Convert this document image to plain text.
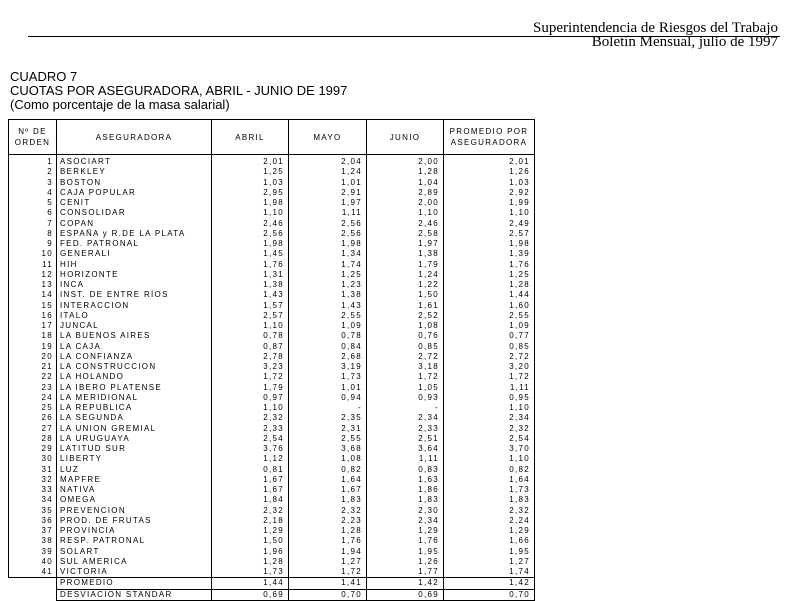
Superintendencia de Riesgos del Trabajo
Boletín Mensual, julio de 1997
CUADRO 7
CUOTAS POR ASEGURADORA, ABRIL - JUNIO DE 1997
(Como porcentaje de la masa salarial)
Nº DE ORDEN	ASEGURADORA	ABRIL	MAYO	JUNIO	PROMEDIO POR ASEGURADORA
1	ASOCIART	2,01	2,04	2,00	2,01
2	BERKLEY	1,25	1,24	1,28	1,26
3	BOSTON	1,03	1,01	1,04	1,03
4	CAJA POPULAR	2,95	2,91	2,89	2,92
5	CENIT	1,98	1,97	2,00	1,99
6	CONSOLIDAR	1,10	1,11	1,10	1,10
7	COPAN	2,46	2,56	2,46	2,49
8	ESPAÑA y R.DE LA PLATA	2,56	2,56	2,58	2,57
9	FED. PATRONAL	1,98	1,98	1,97	1,98
10	GENERALI	1,45	1,34	1,38	1,39
11	HIH	1,76	1,74	1,79	1,76
12	HORIZONTE	1,31	1,25	1,24	1,25
13	INCA	1,38	1,23	1,22	1,28
14	INST. DE ENTRE RÍOS	1,43	1,38	1,50	1,44
15	INTERACCION	1,57	1,43	1,61	1,60
16	ITALO	2,57	2,55	2,52	2,55
17	JUNCAL	1,10	1,09	1,08	1,09
18	LA BUENOS AIRES	0,78	0,78	0,76	0,77
19	LA CAJA	0,87	0,84	0,85	0,85
20	LA CONFIANZA	2,78	2,68	2,72	2,72
21	LA CONSTRUCCION	3,23	3,19	3,18	3,20
22	LA HOLANDO	1,72	1,73	1,72	1,72
23	LA IBERO PLATENSE	1,79	1,01	1,05	1,11
24	LA MERIDIONAL	0,97	0,94	0,93	0,95
25	LA REPUBLICA	1,10	-	-	1,10
26	LA SEGUNDA	2,32	2,35	2,34	2,34
27	LA UNION GREMIAL	2,33	2,31	2,33	2,32
28	LA URUGUAYA	2,54	2,55	2,51	2,54
29	LATITUD SUR	3,76	3,68	3,64	3,70
30	LIBERTY	1,12	1,08	1,11	1,10
31	LUZ	0,81	0,82	0,83	0,82
32	MAPFRE	1,67	1,64	1,63	1,64
33	NATIVA	1,67	1,67	1,86	1,73
34	OMEGA	1,84	1,83	1,83	1,83
35	PREVENCION	2,32	2,32	2,30	2,32
36	PROD. DE FRUTAS	2,18	2,23	2,34	2,24
37	PROVINCIA	1,29	1,28	1,29	1,29
38	RESP. PATRONAL	1,50	1,76	1,76	1,66
39	SOLART	1,96	1,94	1,95	1,95
40	SUL AMERICA	1,28	1,27	1,26	1,27
41	VICTORIA	1,73	1,72	1,77	1,74
	PROMEDIO	1,44	1,41	1,42	1,42
	DESVIACION STANDAR	0,69	0,70	0,69	0,70
